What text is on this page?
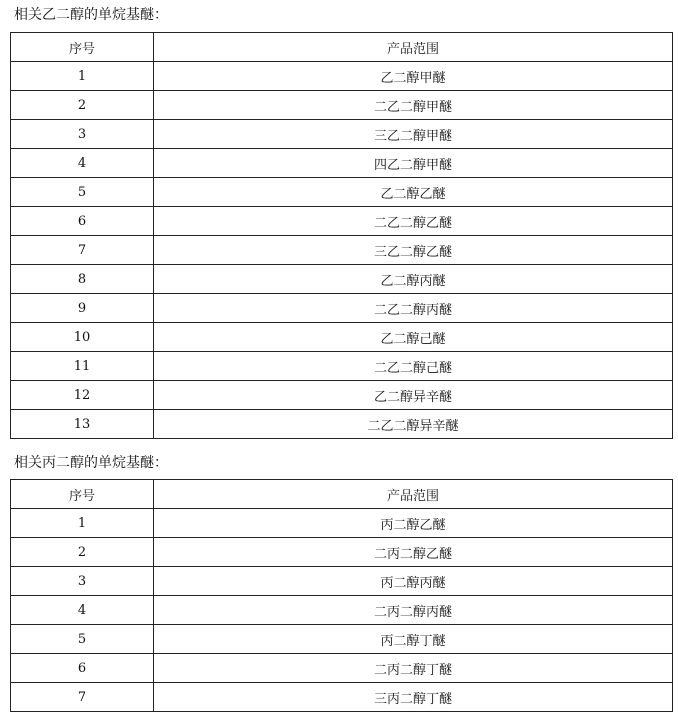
相关乙二醇的单烷基醚：
序号	产品范围
1	乙二醇甲醚
2	二乙二醇甲醚
3	三乙二醇甲醚
4	四乙二醇甲醚
5	乙二醇乙醚
6	二乙二醇乙醚
7	三乙二醇乙醚
8	乙二醇丙醚
9	二乙二醇丙醚
10	乙二醇己醚
11	二乙二醇己醚
12	乙二醇异辛醚
13	二乙二醇异辛醚
相关丙二醇的单烷基醚：
序号	产品范围
1	丙二醇乙醚
2	二丙二醇乙醚
3	丙二醇丙醚
4	二丙二醇丙醚
5	丙二醇丁醚
6	二丙二醇丁醚
7	三丙二醇丁醚
